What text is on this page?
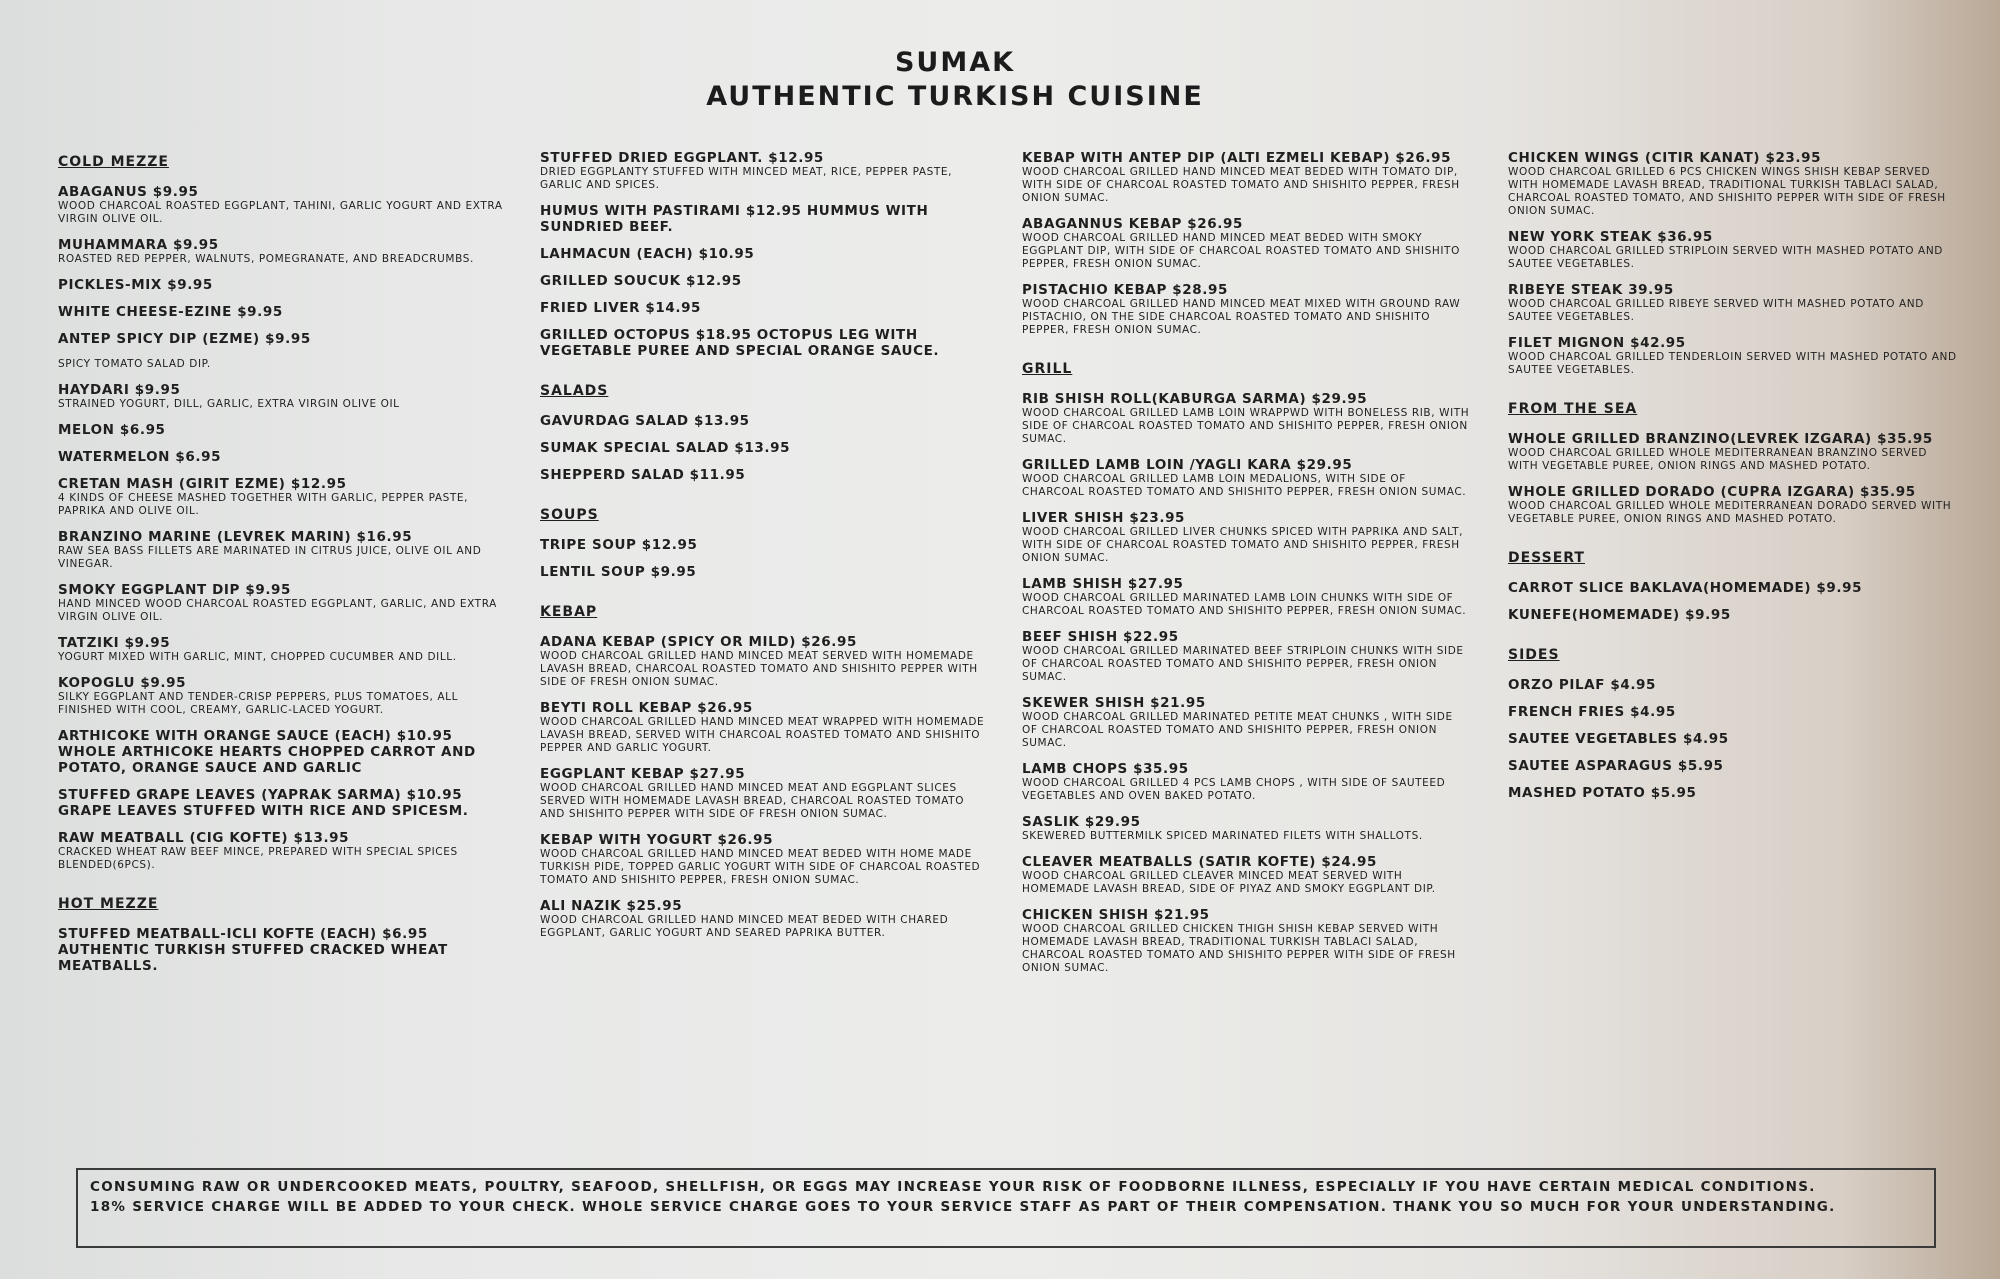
SUMAK
AUTHENTIC TURKISH CUISINE
COLD MEZZE
ABAGANUS $9.95
WOOD CHARCOAL ROASTED EGGPLANT, TAHINI, GARLIC YOGURT AND EXTRA VIRGIN OLIVE OIL.
MUHAMMARA $9.95
ROASTED RED PEPPER, WALNUTS, POMEGRANATE, AND BREADCRUMBS.
PICKLES-MIX $9.95
WHITE CHEESE-EZINE $9.95
ANTEP SPICY DIP (EZME) $9.95
SPICY TOMATO SALAD DIP.
HAYDARI $9.95
STRAINED YOGURT, DILL, GARLIC, EXTRA VIRGIN OLIVE OIL
MELON $6.95
WATERMELON $6.95
CRETAN MASH (GIRIT EZME) $12.95
4 KINDS OF CHEESE MASHED TOGETHER WITH GARLIC, PEPPER PASTE, PAPRIKA AND OLIVE OIL.
BRANZINO MARINE (LEVREK MARIN) $16.95
RAW SEA BASS FILLETS ARE MARINATED IN CITRUS JUICE, OLIVE OIL AND VINEGAR.
SMOKY EGGPLANT DIP $9.95
HAND MINCED WOOD CHARCOAL ROASTED EGGPLANT, GARLIC, AND EXTRA VIRGIN OLIVE OIL.
TATZIKI $9.95
YOGURT MIXED WITH GARLIC, MINT, CHOPPED CUCUMBER AND DILL.
KOPOGLU $9.95
SILKY EGGPLANT AND TENDER-CRISP PEPPERS, PLUS TOMATOES, ALL FINISHED WITH COOL, CREAMY, GARLIC-LACED YOGURT.
ARTHICOKE WITH ORANGE SAUCE (EACH) $10.95 WHOLE ARTHICOKE HEARTS CHOPPED CARROT AND POTATO, ORANGE SAUCE AND GARLIC
STUFFED GRAPE LEAVES (YAPRAK SARMA) $10.95 GRAPE LEAVES STUFFED WITH RICE AND SPICESM.
RAW MEATBALL (CIG KOFTE) $13.95
CRACKED WHEAT RAW BEEF MINCE, PREPARED WITH SPECIAL SPICES BLENDED(6PCS).
HOT MEZZE
STUFFED MEATBALL-ICLI KOFTE (EACH) $6.95 AUTHENTIC TURKISH STUFFED CRACKED WHEAT MEATBALLS.
STUFFED DRIED EGGPLANT. $12.95
DRIED EGGPLANTY STUFFED WITH MINCED MEAT, RICE, PEPPER PASTE, GARLIC AND SPICES.
HUMUS WITH PASTIRAMI $12.95 HUMMUS WITH SUNDRIED BEEF.
LAHMACUN (EACH) $10.95
GRILLED SOUCUK $12.95
FRIED LIVER $14.95
GRILLED OCTOPUS $18.95 OCTOPUS LEG WITH VEGETABLE PUREE AND SPECIAL ORANGE SAUCE.
SALADS
GAVURDAG SALAD $13.95
SUMAK SPECIAL SALAD $13.95
SHEPPERD SALAD $11.95
SOUPS
TRIPE SOUP $12.95
LENTIL SOUP $9.95
KEBAP
ADANA KEBAP (SPICY OR MILD) $26.95
WOOD CHARCOAL GRILLED HAND MINCED MEAT SERVED WITH HOMEMADE LAVASH BREAD, CHARCOAL ROASTED TOMATO AND SHISHITO PEPPER WITH SIDE OF FRESH ONION SUMAC.
BEYTI ROLL KEBAP $26.95
WOOD CHARCOAL GRILLED HAND MINCED MEAT WRAPPED WITH HOMEMADE LAVASH BREAD, SERVED WITH CHARCOAL ROASTED TOMATO AND SHISHITO PEPPER AND GARLIC YOGURT.
EGGPLANT KEBAP $27.95
WOOD CHARCOAL GRILLED HAND MINCED MEAT AND EGGPLANT SLICES SERVED WITH HOMEMADE LAVASH BREAD, CHARCOAL ROASTED TOMATO AND SHISHITO PEPPER WITH SIDE OF FRESH ONION SUMAC.
KEBAP WITH YOGURT $26.95
WOOD CHARCOAL GRILLED HAND MINCED MEAT BEDED WITH HOME MADE TURKISH PIDE, TOPPED GARLIC YOGURT WITH SIDE OF CHARCOAL ROASTED TOMATO AND SHISHITO PEPPER, FRESH ONION SUMAC.
ALI NAZIK $25.95
WOOD CHARCOAL GRILLED HAND MINCED MEAT BEDED WITH CHARED EGGPLANT, GARLIC YOGURT AND SEARED PAPRIKA BUTTER.
KEBAP WITH ANTEP DIP (ALTI EZMELI KEBAP) $26.95
WOOD CHARCOAL GRILLED HAND MINCED MEAT BEDED WITH TOMATO DIP, WITH SIDE OF CHARCOAL ROASTED TOMATO AND SHISHITO PEPPER, FRESH ONION SUMAC.
ABAGANNUS KEBAP $26.95
WOOD CHARCOAL GRILLED HAND MINCED MEAT BEDED WITH SMOKY EGGPLANT DIP, WITH SIDE OF CHARCOAL ROASTED TOMATO AND SHISHITO PEPPER, FRESH ONION SUMAC.
PISTACHIO KEBAP $28.95
WOOD CHARCOAL GRILLED HAND MINCED MEAT MIXED WITH GROUND RAW PISTACHIO, ON THE SIDE CHARCOAL ROASTED TOMATO AND SHISHITO PEPPER, FRESH ONION SUMAC.
GRILL
RIB SHISH ROLL(KABURGA SARMA) $29.95
WOOD CHARCOAL GRILLED LAMB LOIN WRAPPWD WITH BONELESS RIB, WITH SIDE OF CHARCOAL ROASTED TOMATO AND SHISHITO PEPPER, FRESH ONION SUMAC.
GRILLED LAMB LOIN /YAGLI KARA $29.95
WOOD CHARCOAL GRILLED LAMB LOIN MEDALIONS, WITH SIDE OF CHARCOAL ROASTED TOMATO AND SHISHITO PEPPER, FRESH ONION SUMAC.
LIVER SHISH $23.95
WOOD CHARCOAL GRILLED LIVER CHUNKS SPICED WITH PAPRIKA AND SALT, WITH SIDE OF CHARCOAL ROASTED TOMATO AND SHISHITO PEPPER, FRESH ONION SUMAC.
LAMB SHISH $27.95
WOOD CHARCOAL GRILLED MARINATED LAMB LOIN CHUNKS WITH SIDE OF CHARCOAL ROASTED TOMATO AND SHISHITO PEPPER, FRESH ONION SUMAC.
BEEF SHISH $22.95
WOOD CHARCOAL GRILLED MARINATED BEEF STRIPLOIN CHUNKS WITH SIDE OF CHARCOAL ROASTED TOMATO AND SHISHITO PEPPER, FRESH ONION SUMAC.
SKEWER SHISH $21.95
WOOD CHARCOAL GRILLED MARINATED PETITE MEAT CHUNKS , WITH SIDE OF CHARCOAL ROASTED TOMATO AND SHISHITO PEPPER, FRESH ONION SUMAC.
LAMB CHOPS $35.95
WOOD CHARCOAL GRILLED 4 PCS LAMB CHOPS , WITH SIDE OF SAUTEED VEGETABLES AND OVEN BAKED POTATO.
SASLIK $29.95
SKEWERED BUTTERMILK SPICED MARINATED FILETS WITH SHALLOTS.
CLEAVER MEATBALLS (SATIR KOFTE) $24.95
WOOD CHARCOAL GRILLED CLEAVER MINCED MEAT SERVED WITH HOMEMADE LAVASH BREAD, SIDE OF PIYAZ AND SMOKY EGGPLANT DIP.
CHICKEN SHISH $21.95
WOOD CHARCOAL GRILLED CHICKEN THIGH SHISH KEBAP SERVED WITH HOMEMADE LAVASH BREAD, TRADITIONAL TURKISH TABLACI SALAD, CHARCOAL ROASTED TOMATO AND SHISHITO PEPPER WITH SIDE OF FRESH ONION SUMAC.
CHICKEN WINGS (CITIR KANAT) $23.95
WOOD CHARCOAL GRILLED 6 PCS CHICKEN WINGS SHISH KEBAP SERVED WITH HOMEMADE LAVASH BREAD, TRADITIONAL TURKISH TABLACI SALAD, CHARCOAL ROASTED TOMATO, AND SHISHITO PEPPER WITH SIDE OF FRESH ONION SUMAC.
NEW YORK STEAK $36.95
WOOD CHARCOAL GRILLED STRIPLOIN SERVED WITH MASHED POTATO AND SAUTEE VEGETABLES.
RIBEYE STEAK 39.95
WOOD CHARCOAL GRILLED RIBEYE SERVED WITH MASHED POTATO AND SAUTEE VEGETABLES.
FILET MIGNON $42.95
WOOD CHARCOAL GRILLED TENDERLOIN SERVED WITH MASHED POTATO AND SAUTEE VEGETABLES.
FROM THE SEA
WHOLE GRILLED BRANZINO(LEVREK IZGARA) $35.95
WOOD CHARCOAL GRILLED WHOLE MEDITERRANEAN BRANZINO SERVED WITH VEGETABLE PUREE, ONION RINGS AND MASHED POTATO.
WHOLE GRILLED DORADO (CUPRA IZGARA) $35.95
WOOD CHARCOAL GRILLED WHOLE MEDITERRANEAN DORADO SERVED WITH VEGETABLE PUREE, ONION RINGS AND MASHED POTATO.
DESSERT
CARROT SLICE BAKLAVA(HOMEMADE) $9.95
KUNEFE(HOMEMADE) $9.95
SIDES
ORZO PILAF $4.95
FRENCH FRIES $4.95
SAUTEE VEGETABLES $4.95
SAUTEE ASPARAGUS $5.95
MASHED POTATO $5.95
CONSUMING RAW OR UNDERCOOKED MEATS, POULTRY, SEAFOOD, SHELLFISH, OR EGGS MAY INCREASE YOUR RISK OF FOODBORNE ILLNESS, ESPECIALLY IF YOU HAVE CERTAIN MEDICAL CONDITIONS.
18% SERVICE CHARGE WILL BE ADDED TO YOUR CHECK. WHOLE SERVICE CHARGE GOES TO YOUR SERVICE STAFF AS PART OF THEIR COMPENSATION. THANK YOU SO MUCH FOR YOUR UNDERSTANDING.
